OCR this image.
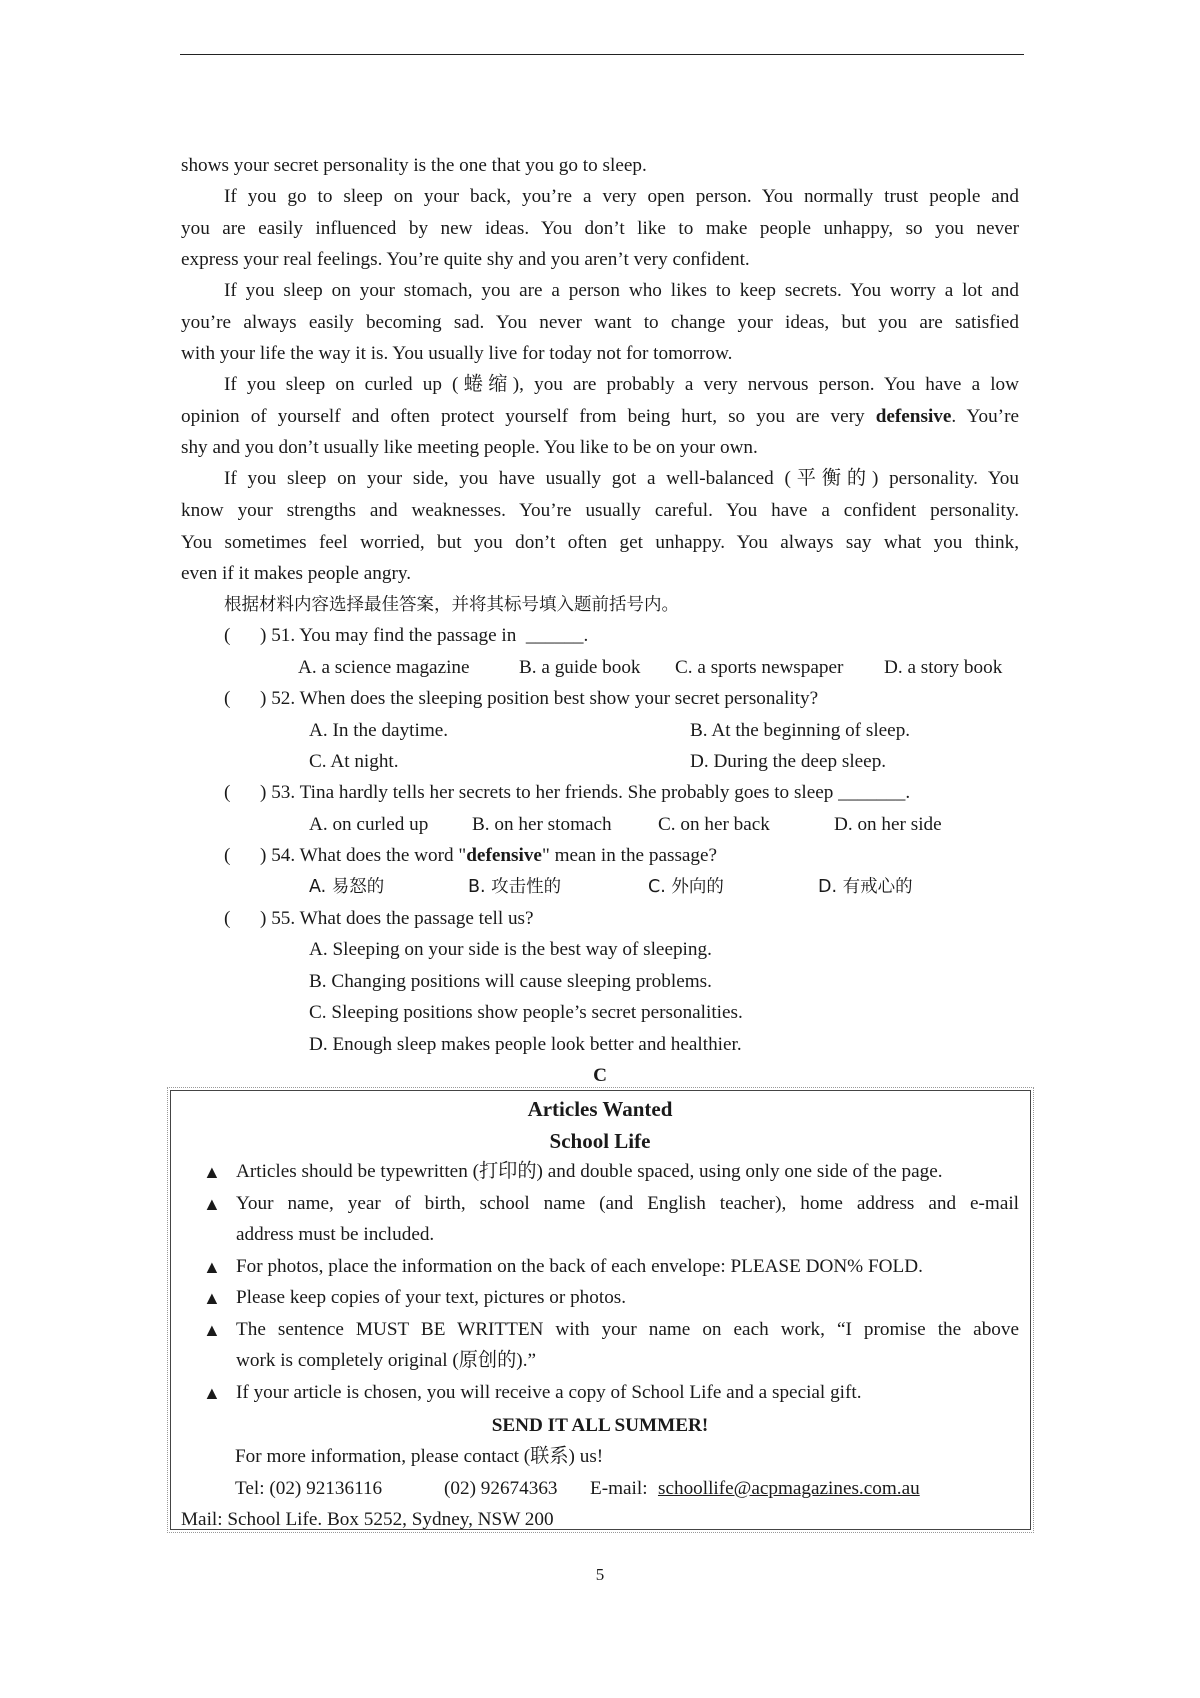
shows your secret personality is the one that you go to sleep.
If you go to sleep on your back, you’re a very open person. You normally trust people and
you are easily influenced by new ideas. You don’t like to make people unhappy, so you never
express your real feelings. You’re quite shy and you aren’t very confident.
If you sleep on your stomach, you are a person who likes to keep secrets. You worry a lot and
you’re always easily becoming sad. You never want to change your ideas, but you are satisfied
with your life the way it is. You usually live for today not for tomorrow.
If you sleep on curled up (蜷缩), you are probably a very nervous person. You have a low
opinion of yourself and often protect yourself from being hurt, so you are very defensive. You’re
shy and you don’t usually like meeting people. You like to be on your own.
If you sleep on your side, you have usually got a well-balanced (平衡的) personality. You
know your strengths and weaknesses. You’re usually careful. You have a confident personality.
You sometimes feel worried, but you don’t often get unhappy. You always say what you think,
even if it makes people angry.
根据材料内容选择最佳答案，并将其标号填入题前括号内。
( ) 51. You may find the passage in  ______.
A. a science magazine	B. a guide book C. a sports newspaper D. a story book
( ) 52. When does the sleeping position best show your secret personality?
A. In the daytime.	B. At the beginning of sleep.
C. At night.	D. During the deep sleep.
( ) 53. Tina hardly tells her secrets to her friends. She probably goes to sleep _______.
A. on curled up B. on her stomach C. on her back	D. on her side
( ) 54. What does the word "defensive" mean in the passage?
A. 易怒的	B. 攻击性的	C. 外向的	D. 有戒心的
( ) 55. What does the passage tell us?
A. Sleeping on your side is the best way of sleeping.
B. Changing positions will cause sleeping problems.
C. Sleeping positions show people’s secret personalities.
D. Enough sleep makes people look better and healthier.
C
Articles Wanted
School Life
▲ Articles should be typewritten (打印的) and double spaced, using only one side of the page.
▲ Your name, year of birth, school name (and English teacher), home address and e-mail
address must be included.
▲ For photos, place the information on the back of each envelope: PLEASE DON% FOLD.
▲ Please keep copies of your text, pictures or photos.
▲ The sentence MUST BE WRITTEN with your name on each work, “I promise the above
work is completely original (原创的).”
▲ If your article is chosen, you will receive a copy of School Life and a special gift.
SEND IT ALL SUMMER!
For more information, please contact (联系) us!
Tel: (02) 92136116	(02) 92674363 E-mail: schoollife@acpmagazines.com.au
Mail: School Life. Box 5252, Sydney, NSW 200
5
